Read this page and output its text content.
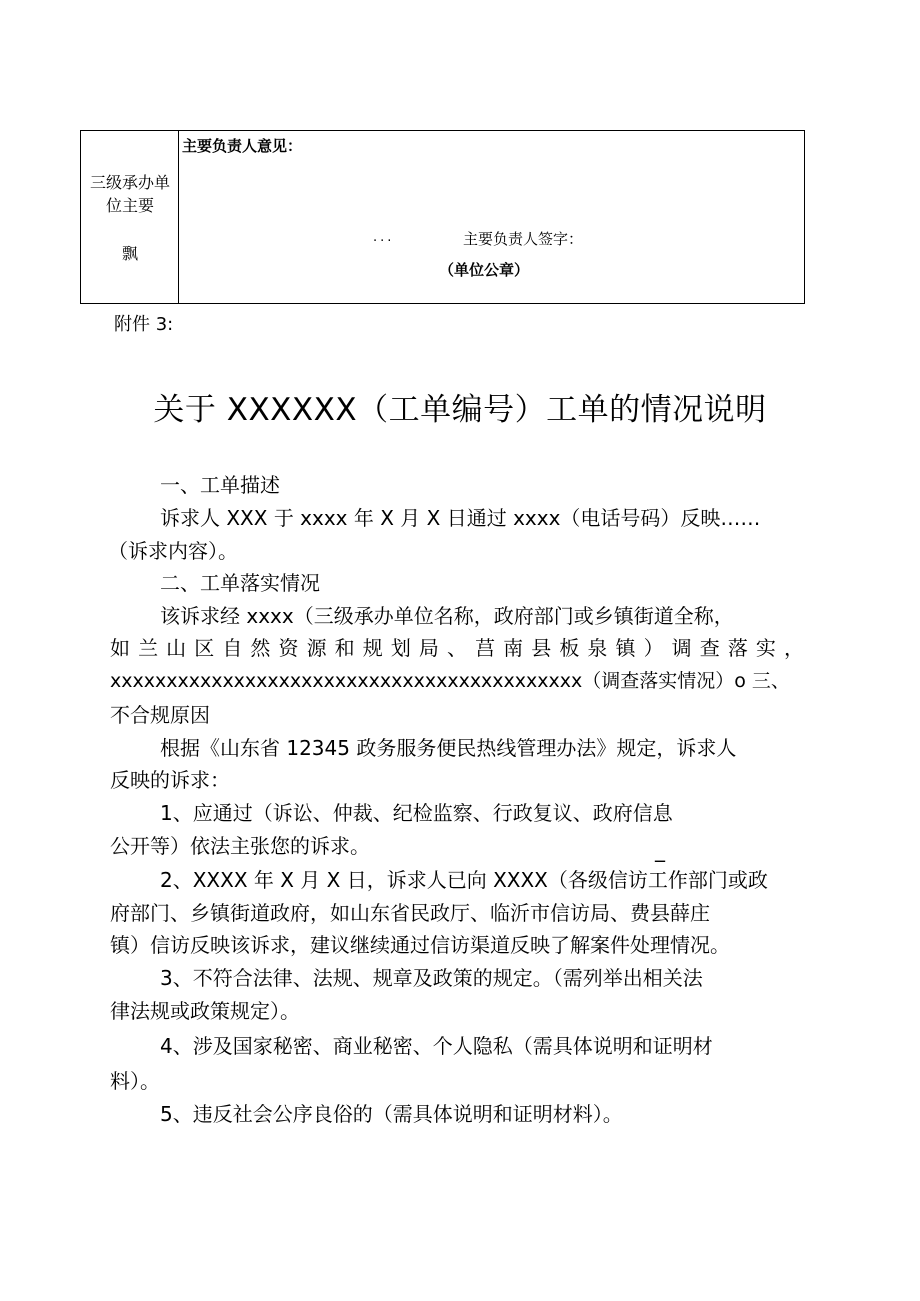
三级承办单
位主要
飘
主要负责人意见：
...	主要负责人签字：
（单位公章）
附件 3:
关于 XXXXXX（工单编号）工单的情况说明
一、工单描述
诉求人 XXX 于 xxxx 年 X 月 X 日通过 xxxx（电话号码）反映……
（诉求内容）。
二、工单落实情况
该诉求经 xxxx（三级承办单位名称，政府部门或乡镇街道全称，
如兰山区自然资源和规划局、莒南县板泉镇）调查落实，
xxxxxxxxxxxxxxxxxxxxxxxxxxxxxxxxxxxxxxxxxx（调查落实情况）o 三、
不合规原因
根据《山东省 12345 政务服务便民热线管理办法》规定，诉求人
反映的诉求：
1、应通过（诉讼、仲裁、纪检监察、行政复议、政府信息
公开等）依法主张您的诉求。	_
2、XXXX 年 X 月 X 日，诉求人已向 XXXX（各级信访工作部门或政
府部门、乡镇街道政府，如山东省民政厅、临沂市信访局、费县薛庄
镇）信访反映该诉求，建议继续通过信访渠道反映了解案件处理情况。
3、不符合法律、法规、规章及政策的规定。（需列举出相关法
律法规或政策规定）。
4、涉及国家秘密、商业秘密、个人隐私（需具体说明和证明材
料）。
5、违反社会公序良俗的（需具体说明和证明材料）。
